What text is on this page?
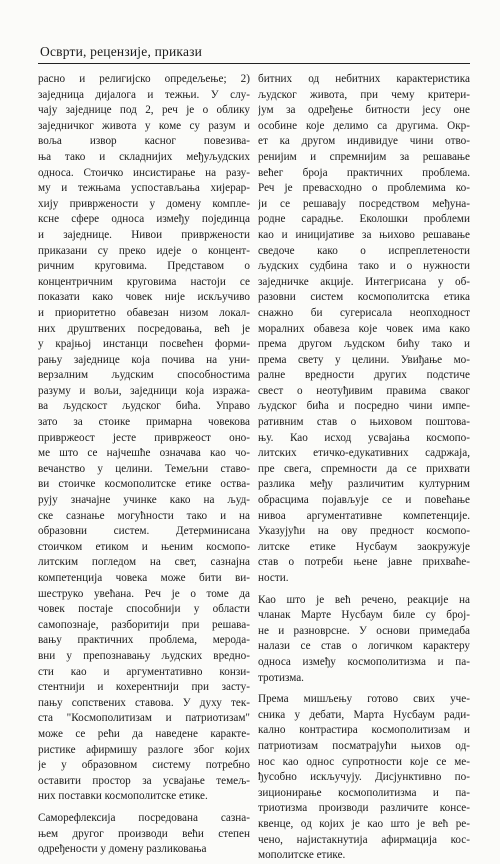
Осврти, рецензије, прикази
расно и религијско опредељење; 2)
заједница дијалога и тежњи. У слу-
чају заједнице под 2, реч је о облику
заједничког живота у коме су разум и
воља извор касног повезива-
ња тако и складнијих међуљудских
односа. Стоичко инсистирање на разу-
му и тежњама успостављања хијерар-
хију привржености у домену компле-
ксне сфере односа између појединца
и заједнице. Нивои привржености
приказани су преко идеје о концент-
ричним круговима. Представом о
концентричним круговима настоји се
показати како човек није искључиво
и приоритетно обавезан низом локал-
них друштвених посредовања, већ је
у крајњој инстанци посвећен форми-
рању заједнице која почива на уни-
верзалним људским способностима
разуму и вољи, заједници која изража-
ва људскост људског бића. Управо
зато за стоике примарна човекова
привржеост јесте привржеост оно-
ме што се најчешће означава као чо-
вечанство у целини. Темељни ставо-
ви стоичке космополитске етике оства-
рују значајне учинке како на људ-
ске сазнање могућности тако и на
образовни систем. Детерминисана
стоичком етиком и њеним космопо-
литским погледом на свет, сазнајна
компетенција човека може бити ви-
шеструко увећана. Реч је о томе да
човек постаје способнији у области
самопознаје, разборитији при решава-
вању практичних проблема, мерода-
вни у препознавању људских вредно-
сти као и аргументативно конзи-
стентнији и кохерентнији при засту-
пању сопствених ставова. У духу тек-
ста "Космополитизам и патриотизам"
може се рећи да наведене каракте-
ристике афирмишу разлоге због којих
је у образовном систему потребно
оставити простор за усвајање темељ-
них поставки космополитске етике.
Саморефлексија посредована сазна-
њем другог производи већи степен
одређености у домену разликовања
битних од небитних карактеристика
људског живота, при чему критери-
јум за одређење битности јесу оне
особине које делимо са другима. Окр-
ет ка другом индивидуе чини отво-
ренијим и спремнијим за решавање
већег броја практичних проблема.
Реч је превасходно о проблемима ко-
ји се решавају посредством међуна-
родне сарадње. Еколошки проблеми
као и иницијативе за њихово решавање
сведоче како о испреплетености
људских судбина тако и о нужности
заједничке акције. Интегрисана у об-
разовни систем космополитска етика
снажно би сугерисала неопходност
моралних обавеза које човек има како
према другом људском бићу тако и
према свету у целини. Увиђање мо-
ралне вредности других подстиче
свест о неотуђивим правима сваког
људског бића и посредно чини импе-
ративним став о њиховом поштова-
њу. Као исход усвајања космопо-
литских етичко-едукативних садржаја,
пре свега, спремности да се прихвати
разлика међу различитим културним
обрасцима појављује се и повећање
нивоа аргументативне компетенције.
Указујући на ову предност космопо-
литске етике Нусбаум заокружује
став о потреби њене јавне прихваће-
ности.
Као што је већ речено, реакције на
чланак Марте Нусбаум биле су број-
не и разноврсне. У основи примедаба
налази се став о логичком карактеру
односа између космополитизма и па-
тротизма.
Према мишљењу готово свих уче-
сника у дебати, Марта Нусбаум ради-
кално контрастира космополитизам и
патриотизам посматрајући њихов од-
нос као однос супротности које се ме-
ђусобно искључују. Дисјунктивно по-
зиционирање космополитизма и па-
триотизма производи различите консе-
квенце, од којих је као што је већ ре-
чено, најистакнутија афирмација кос-
мополитске етике.
